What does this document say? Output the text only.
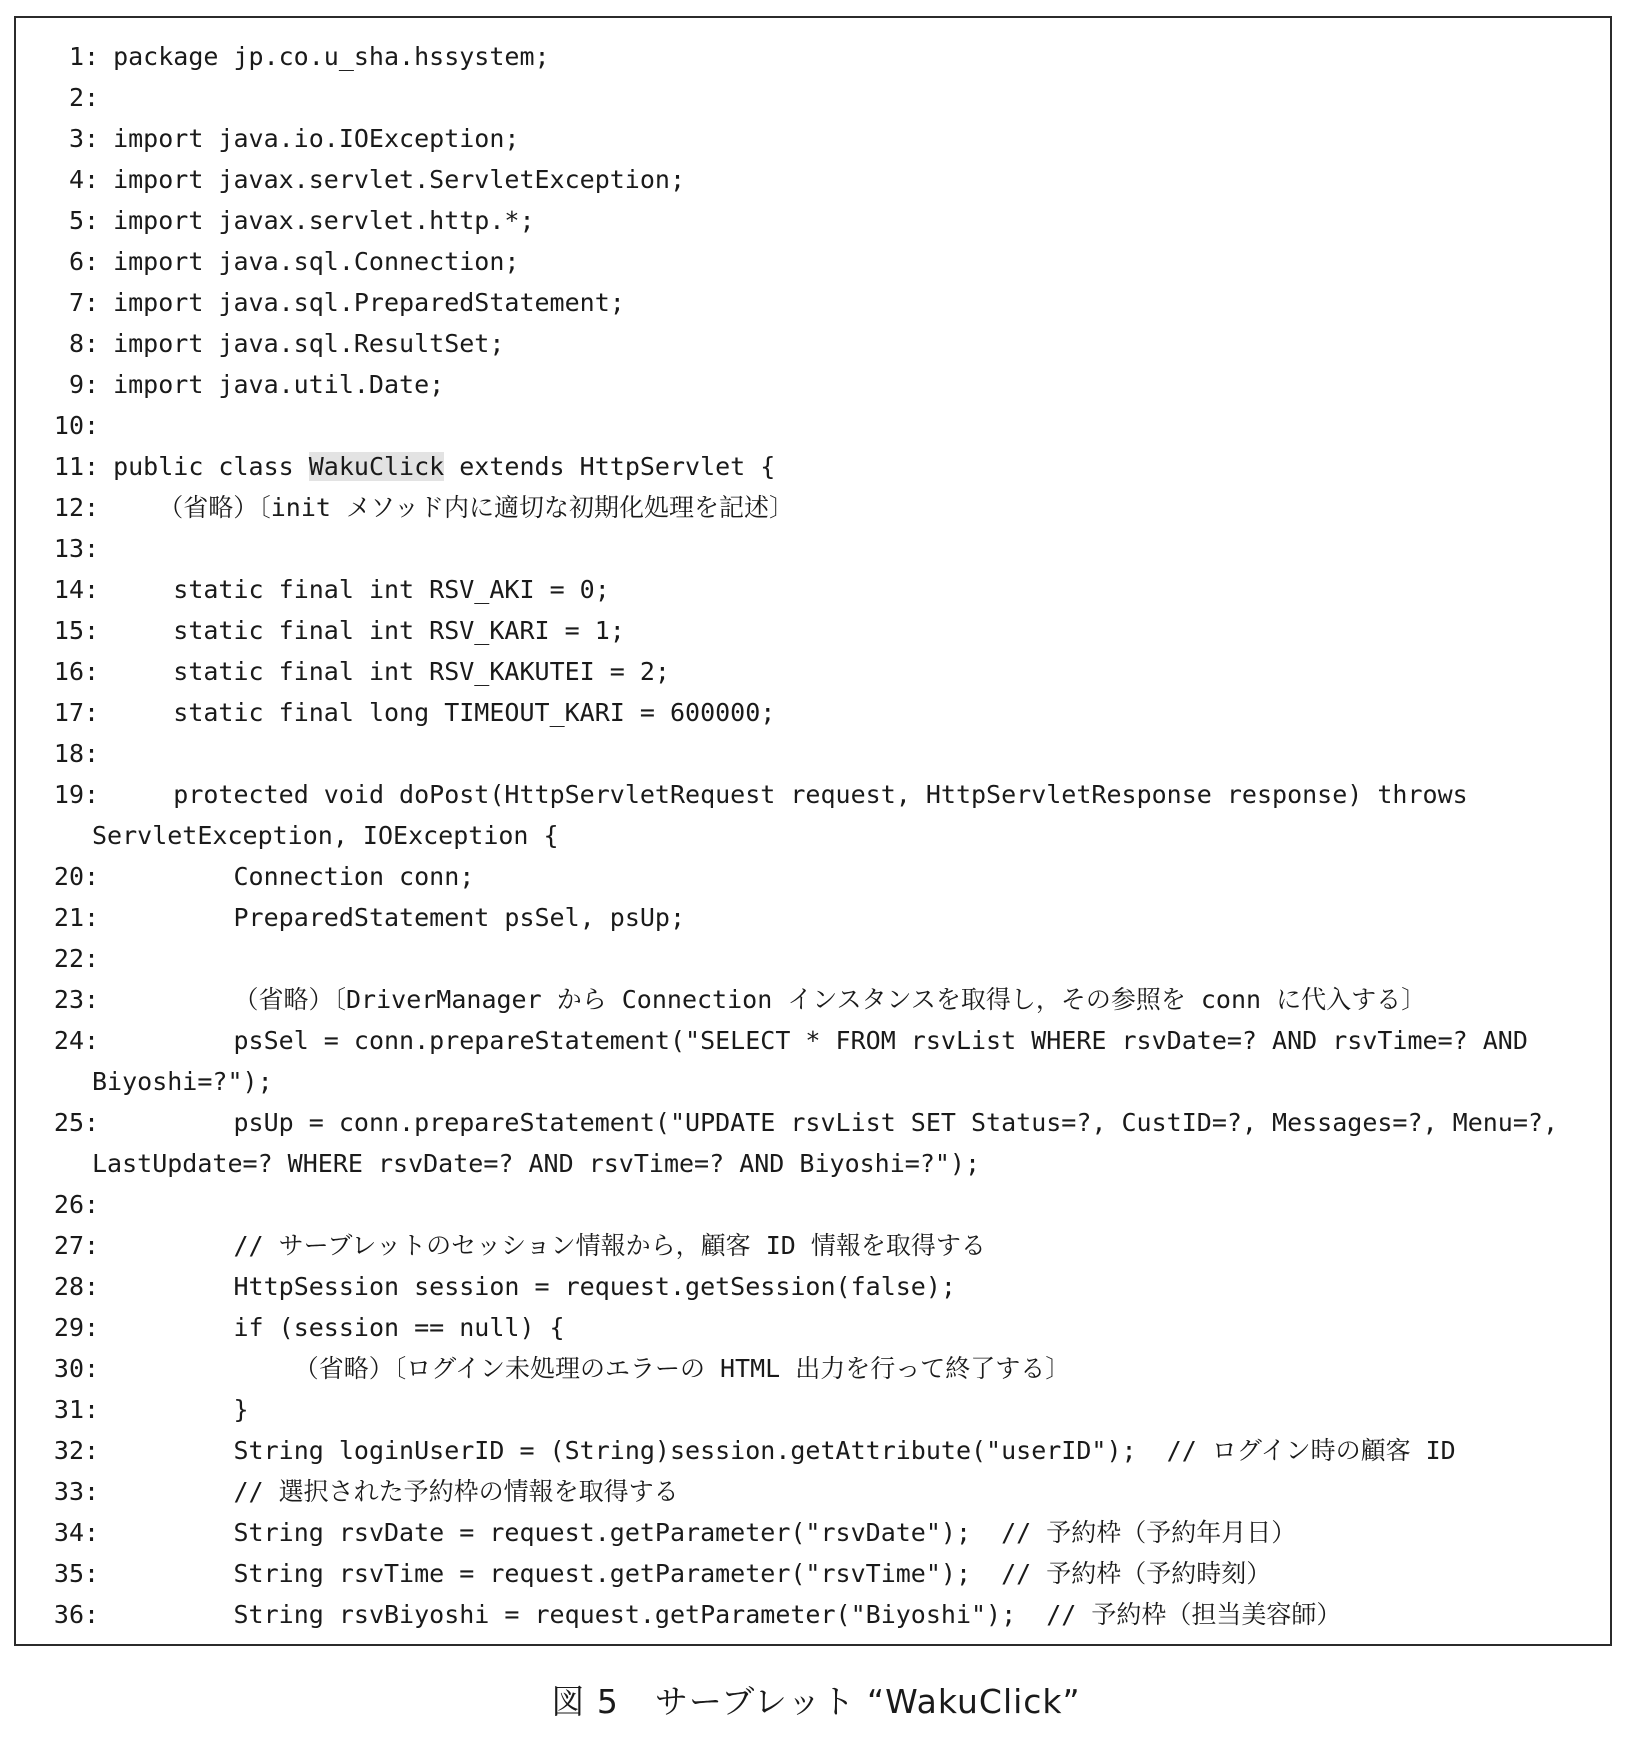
1 : package jp.co.u_sha.hssystem;
2 :
3 : import java.io.IOException;
4 : import javax.servlet.ServletException;
5 : import javax.servlet.http.*;
6 : import java.sql.Connection;
7 : import java.sql.PreparedStatement;
8 : import java.sql.ResultSet;
9 : import java.util.Date;
10 :
11 : public class WakuClick extends HttpServlet {
12 : （省略）〔init メソッド内に適切な初期化処理を記述〕
13 :
14 : static final int RSV_AKI = 0;
15 : static final int RSV_KARI = 1;
16 : static final int RSV_KAKUTEI = 2;
17 : static final long TIMEOUT_KARI = 600000;
18 :
19 : protected void doPost(HttpServletRequest request, HttpServletResponse response) throws
ServletException, IOException {
20 : Connection conn;
21 : PreparedStatement psSel, psUp;
22 :
23 : （省略）〔DriverManager から Connection インスタンスを取得し，その参照を conn に代入する〕
24 : psSel = conn.prepareStatement("SELECT * FROM rsvList WHERE rsvDate=? AND rsvTime=? AND
Biyoshi=?");
25 : psUp = conn.prepareStatement("UPDATE rsvList SET Status=?, CustID=?, Messages=?, Menu=?,
LastUpdate=? WHERE rsvDate=? AND rsvTime=? AND Biyoshi=?");
26 :
27 : // サーブレットのセッション情報から，顧客 ID 情報を取得する
28 : HttpSession session = request.getSession(false);
29 : if (session == null) {
30 : （省略）〔ログイン未処理のエラーの HTML 出力を行って終了する〕
31 : }
32 : String loginUserID = (String)session.getAttribute("userID");  // ログイン時の顧客 ID
33 : // 選択された予約枠の情報を取得する
34 : String rsvDate = request.getParameter("rsvDate");  // 予約枠（予約年月日）
35 : String rsvTime = request.getParameter("rsvTime");  // 予約枠（予約時刻）
36 : String rsvBiyoshi = request.getParameter("Biyoshi");  // 予約枠（担当美容師）
図 5 サーブレット “WakuClick”
